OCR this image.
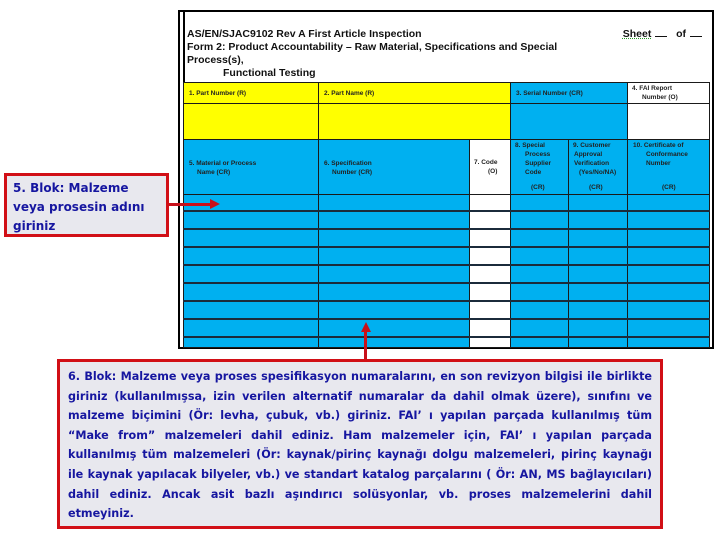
AS/EN/SJAC9102 Rev A First Article Inspection
Form 2: Product Accountability – Raw Material, Specifications and Special Process(s),

Functional Testing
Sheet of
1. Part Number (R)	2. Part Name (R)	3. Serial Number (CR)
4. FAI Report
Number (O)
5. Material or Process
Name (CR)
6. Specification
Number (CR)
7. Code
(O)
8. Special
Process
Supplier
Code
(CR)
9. Customer
Approval
Verification
(Yes/No/NA)
(CR)
10. Certificate of
Conformance
Number
(CR)
5. Blok: Malzeme veya prosesin adını giriniz
6. Blok: Malzeme veya proses spesifikasyon numaralarını, en son revizyon bilgisi ile birlikte giriniz (kullanılmışsa, izin verilen alternatif numaralar da dahil olmak üzere), sınıfını ve malzeme biçimini (Ör: levha, çubuk, vb.) giriniz. FAI’ ı yapılan parçada kullanılmış tüm “Make from” malzemeleri dahil ediniz. Ham malzemeler için, FAI’ ı yapılan parçada kullanılmış tüm malzemeleri (Ör: kaynak/pirinç kaynağı dolgu malzemeleri, pirinç kaynağı ile kaynak yapılacak bilyeler, vb.) ve standart katalog parçalarını ( Ör: AN, MS bağlayıcıları) dahil ediniz. Ancak asit bazlı aşındırıcı solüsyonlar, vb. proses malzemelerini dahil etmeyiniz.
